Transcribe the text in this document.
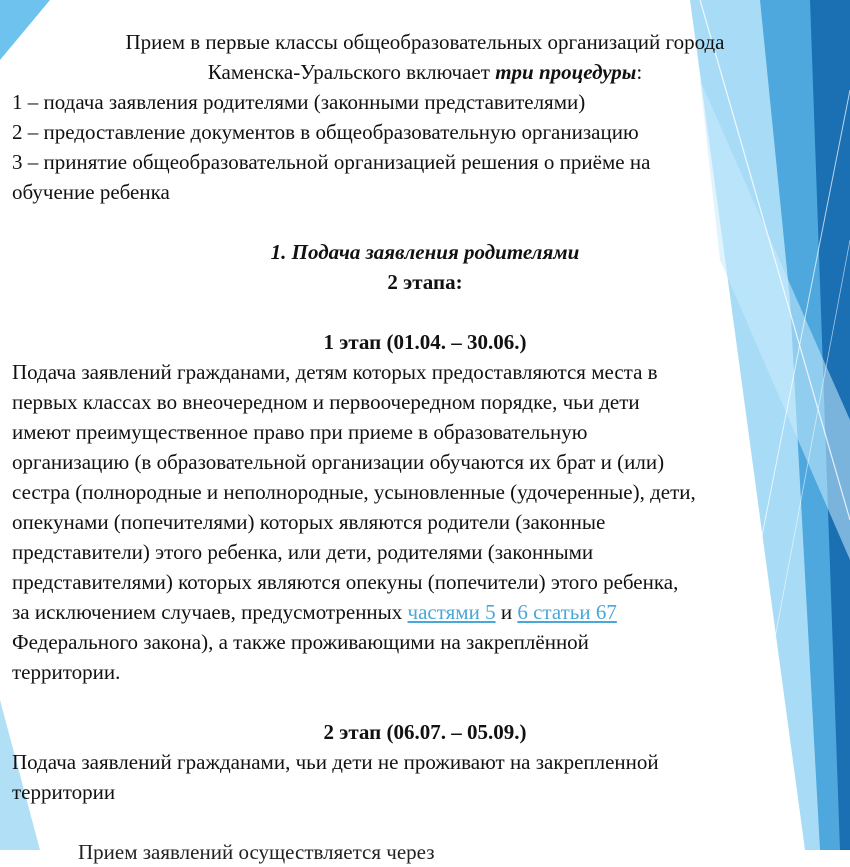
Прием в первые классы общеобразовательных организаций города

Каменска-Уральского включает три процедуры:

1 – подача заявления родителями (законными представителями)

2 – предоставление документов в общеобразовательную организацию

3 – принятие общеобразовательной организацией решения о приёме на

обучение ребенка

1. Подача заявления родителями

2 этапа:

1 этап (01.04. – 30.06.)

Подача заявлений гражданами, детям которых предоставляются места в

первых классах во внеочередном и первоочередном порядке, чьи дети

имеют преимущественное право при приеме в образовательную

организацию (в образовательной организации обучаются их брат и (или)

сестра (полнородные и неполнородные, усыновленные (удочеренные), дети,

опекунами (попечителями) которых являются родители (законные

представители) этого ребенка, или дети, родителями (законными

представителями) которых являются опекуны (попечители) этого ребенка,

за исключением случаев, предусмотренных частями 5 и 6 статьи 67

Федерального закона), а также проживающими на закреплённой

территории.

2 этап (06.07. – 05.09.)

Подача заявлений гражданами, чьи дети не проживают на закрепленной

территории

Прием заявлений осуществляется через
